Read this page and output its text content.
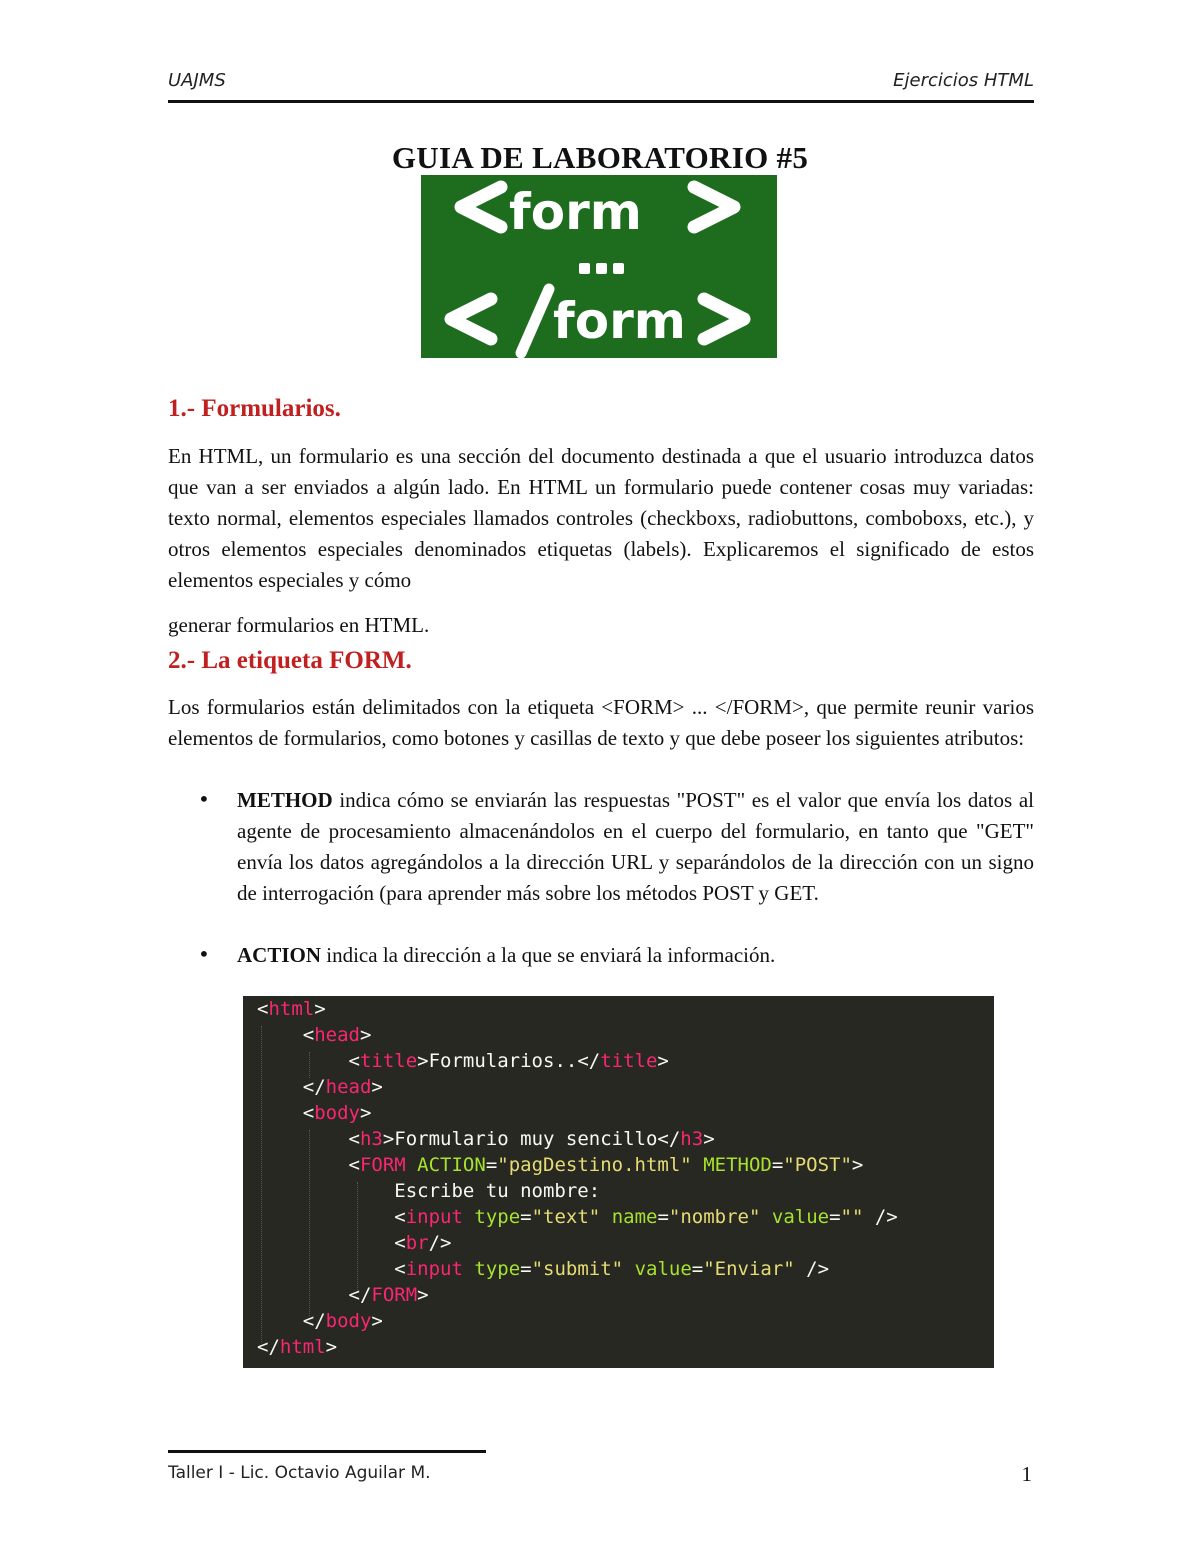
UAJMS	Ejercicios HTML
GUIA DE LABORATORIO #5
form
form
1.- Formularios.
En HTML, un formulario es una sección del documento destinada a que el usuario introduzca datos que van a ser enviados a algún lado. En HTML un formulario puede contener cosas muy variadas: texto normal, elementos especiales llamados controles (checkboxs, radiobuttons, comboboxs, etc.), y otros elementos especiales denominados etiquetas (labels). Explicaremos el significado de estos elementos especiales y cómo
generar formularios en HTML.
2.- La etiqueta FORM.
Los formularios están delimitados con la etiqueta <FORM> ... </FORM>, que permite reunir varios elementos de formularios, como botones y casillas de texto y que debe poseer los siguientes atributos:
• METHOD indica cómo se enviarán las respuestas "POST" es el valor que envía los datos al agente de procesamiento almacenándolos en el cuerpo del formulario, en tanto que "GET" envía los datos agregándolos a la dirección URL y separándolos de la dirección con un signo de interrogación (para aprender más sobre los métodos POST y GET.
• ACTION indica la dirección a la que se enviará la información.
<html>
<head>
<title>Formularios..</title>
</head>
<body>
<h3>Formulario muy sencillo</h3>
<FORM ACTION="pagDestino.html" METHOD="POST">
Escribe tu nombre:
<input type="text" name="nombre" value="" />
<br/>
<input type="submit" value="Enviar" />
</FORM>
</body>
</html>
Taller I - Lic. Octavio Aguilar M.	1
